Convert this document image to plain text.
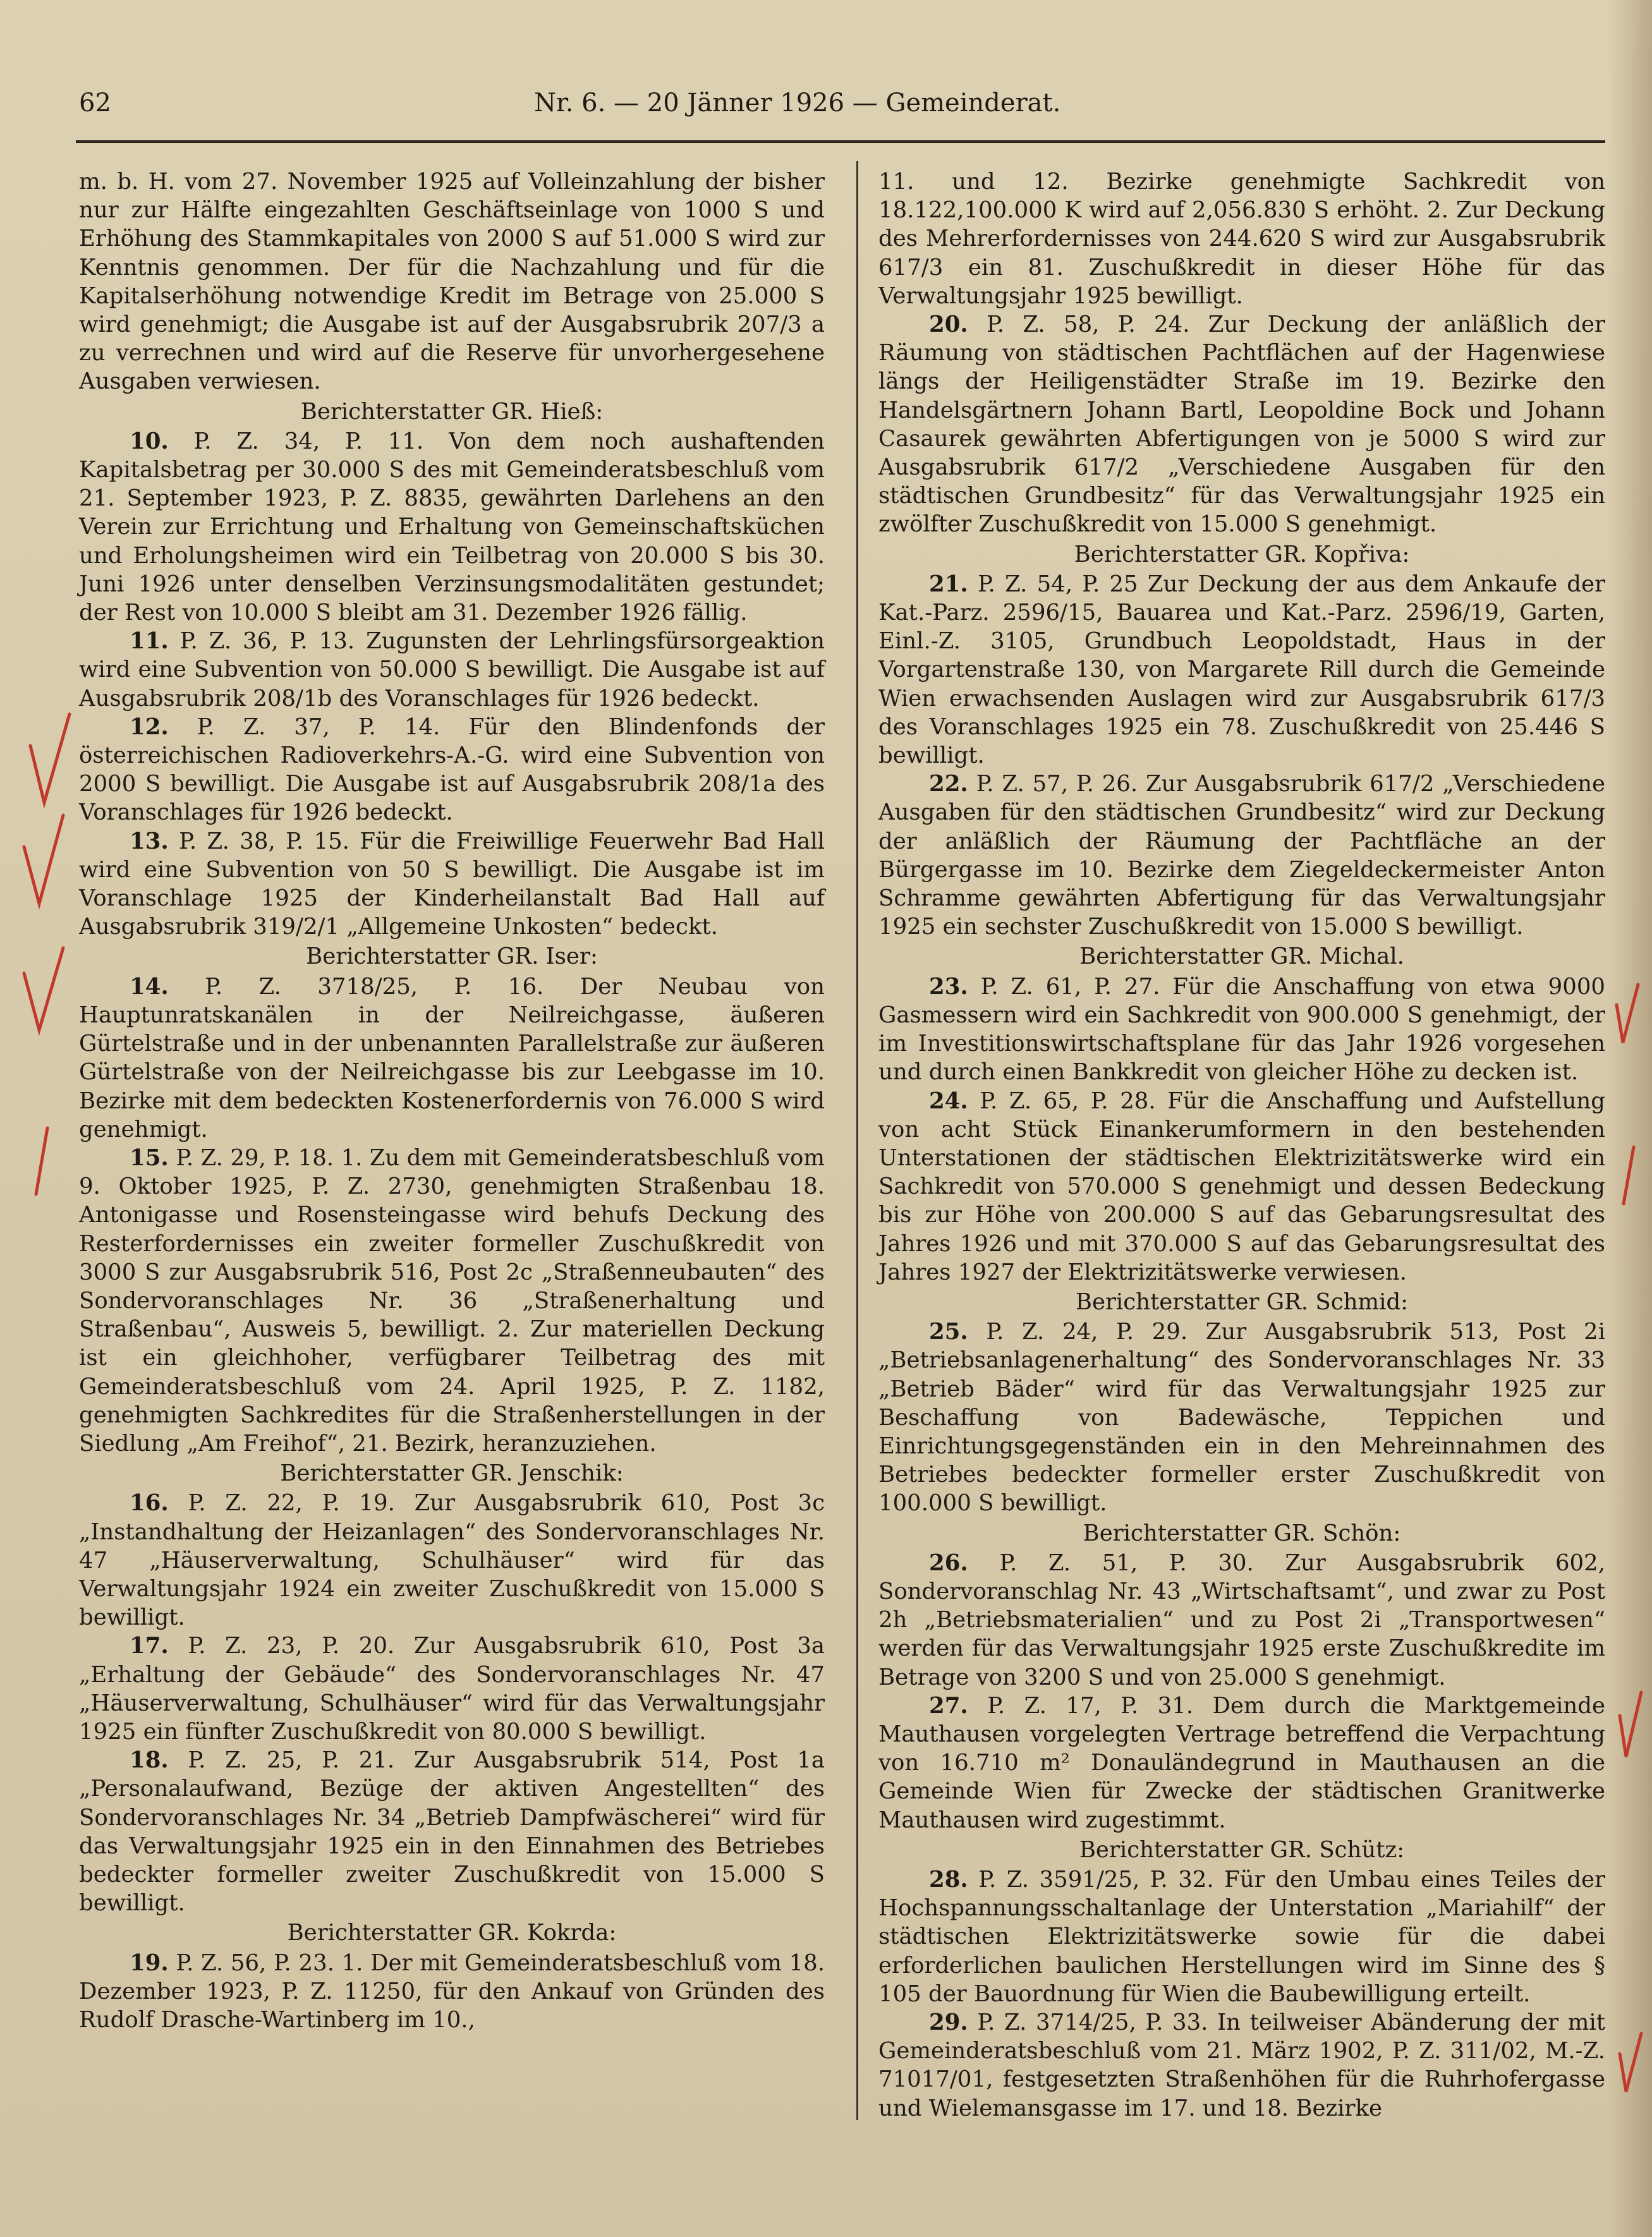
62	Nr. 6. — 20 Jänner 1926 — Gemeinderat.

m. b. H. vom 27. November 1925 auf Volleinzahlung der bisher nur zur Hälfte eingezahlten Geschäftseinlage von 1000 S und Erhöhung des Stammkapitales von 2000 S auf 51.000 S wird zur Kenntnis genommen. Der für die Nachzahlung und für die Kapitalserhöhung notwendige Kredit im Betrage von 25.000 S wird genehmigt; die Ausgabe ist auf der Ausgabsrubrik 207/3 a zu verrechnen und wird auf die Reserve für unvorhergesehene Ausgaben verwiesen.

Berichterstatter GR. Hieß:

10. P. Z. 34, P. 11. Von dem noch aushaftenden Kapitalsbetrag per 30.000 S des mit Gemeinderatsbeschluß vom 21. September 1923, P. Z. 8835, gewährten Darlehens an den Verein zur Errichtung und Erhaltung von Gemeinschaftsküchen und Erholungsheimen wird ein Teilbetrag von 20.000 S bis 30. Juni 1926 unter denselben Verzinsungsmodalitäten gestundet; der Rest von 10.000 S bleibt am 31. Dezember 1926 fällig.

11. P. Z. 36, P. 13. Zugunsten der Lehrlingsfürsorgeaktion wird eine Subvention von 50.000 S bewilligt. Die Ausgabe ist auf Ausgabsrubrik 208/1b des Voranschlages für 1926 bedeckt.

12. P. Z. 37, P. 14. Für den Blindenfonds der österreichischen Radioverkehrs-A.-G. wird eine Subvention von 2000 S bewilligt. Die Ausgabe ist auf Ausgabsrubrik 208/1a des Voranschlages für 1926 bedeckt.

13. P. Z. 38, P. 15. Für die Freiwillige Feuerwehr Bad Hall wird eine Subvention von 50 S bewilligt. Die Ausgabe ist im Voranschlage 1925 der Kinderheilanstalt Bad Hall auf Ausgabsrubrik 319/2/1 „Allgemeine Unkosten“ bedeckt.

Berichterstatter GR. Iser:

14. P. Z. 3718/25, P. 16. Der Neubau von Hauptunratskanälen in der Neilreichgasse, äußeren Gürtelstraße und in der unbenannten Parallelstraße zur äußeren Gürtelstraße von der Neilreichgasse bis zur Leebgasse im 10. Bezirke mit dem bedeckten Kostenerfordernis von 76.000 S wird genehmigt.

15. P. Z. 29, P. 18. 1. Zu dem mit Gemeinderatsbeschluß vom 9. Oktober 1925, P. Z. 2730, genehmigten Straßenbau 18. Antonigasse und Rosensteingasse wird behufs Deckung des Resterfordernisses ein zweiter formeller Zuschußkredit von 3000 S zur Ausgabsrubrik 516, Post 2c „Straßenneubauten“ des Sondervoranschlages Nr. 36 „Straßenerhaltung und Straßenbau“, Ausweis 5, bewilligt. 2. Zur materiellen Deckung ist ein gleichhoher, verfügbarer Teilbetrag des mit Gemeinderatsbeschluß vom 24. April 1925, P. Z. 1182, genehmigten Sachkredites für die Straßenherstellungen in der Siedlung „Am Freihof“, 21. Bezirk, heranzuziehen.

Berichterstatter GR. Jenschik:

16. P. Z. 22, P. 19. Zur Ausgabsrubrik 610, Post 3c „Instandhaltung der Heizanlagen“ des Sondervoranschlages Nr. 47 „Häuserverwaltung, Schulhäuser“ wird für das Verwaltungsjahr 1924 ein zweiter Zuschußkredit von 15.000 S bewilligt.

17. P. Z. 23, P. 20. Zur Ausgabsrubrik 610, Post 3a „Erhaltung der Gebäude“ des Sondervoranschlages Nr. 47 „Häuserverwaltung, Schulhäuser“ wird für das Verwaltungsjahr 1925 ein fünfter Zuschußkredit von 80.000 S bewilligt.

18. P. Z. 25, P. 21. Zur Ausgabsrubrik 514, Post 1a „Personalaufwand, Bezüge der aktiven Angestellten“ des Sondervoranschlages Nr. 34 „Betrieb Dampfwäscherei“ wird für das Verwaltungsjahr 1925 ein in den Einnahmen des Betriebes bedeckter formeller zweiter Zuschußkredit von 15.000 S bewilligt.

Berichterstatter GR. Kokrda:

19. P. Z. 56, P. 23. 1. Der mit Gemeinderatsbeschluß vom 18. Dezember 1923, P. Z. 11250, für den Ankauf von Gründen des Rudolf Drasche-Wartinberg im 10.,

11. und 12. Bezirke genehmigte Sachkredit von 18.122,100.000 K wird auf 2,056.830 S erhöht. 2. Zur Deckung des Mehrerfordernisses von 244.620 S wird zur Ausgabsrubrik 617/3 ein 81. Zuschußkredit in dieser Höhe für das Verwaltungsjahr 1925 bewilligt.

20. P. Z. 58, P. 24. Zur Deckung der anläßlich der Räumung von städtischen Pachtflächen auf der Hagenwiese längs der Heiligenstädter Straße im 19. Bezirke den Handelsgärtnern Johann Bartl, Leopoldine Bock und Johann Casaurek gewährten Abfertigungen von je 5000 S wird zur Ausgabsrubrik 617/2 „Verschiedene Ausgaben für den städtischen Grundbesitz“ für das Verwaltungsjahr 1925 ein zwölfter Zuschußkredit von 15.000 S genehmigt.

Berichterstatter GR. Kopřiva:

21. P. Z. 54, P. 25 Zur Deckung der aus dem Ankaufe der Kat.-Parz. 2596/15, Bauarea und Kat.-Parz. 2596/19, Garten, Einl.-Z. 3105, Grundbuch Leopoldstadt, Haus in der Vorgartenstraße 130, von Margarete Rill durch die Gemeinde Wien erwachsenden Auslagen wird zur Ausgabsrubrik 617/3 des Voranschlages 1925 ein 78. Zuschußkredit von 25.446 S bewilligt.

22. P. Z. 57, P. 26. Zur Ausgabsrubrik 617/2 „Verschiedene Ausgaben für den städtischen Grundbesitz“ wird zur Deckung der anläßlich der Räumung der Pachtfläche an der Bürgergasse im 10. Bezirke dem Ziegeldeckermeister Anton Schramme gewährten Abfertigung für das Verwaltungsjahr 1925 ein sechster Zuschußkredit von 15.000 S bewilligt.

Berichterstatter GR. Michal.

23. P. Z. 61, P. 27. Für die Anschaffung von etwa 9000 Gasmessern wird ein Sachkredit von 900.000 S genehmigt, der im Investitionswirtschaftsplane für das Jahr 1926 vorgesehen und durch einen Bankkredit von gleicher Höhe zu decken ist.

24. P. Z. 65, P. 28. Für die Anschaffung und Aufstellung von acht Stück Einankerumformern in den bestehenden Unterstationen der städtischen Elektrizitätswerke wird ein Sachkredit von 570.000 S genehmigt und dessen Bedeckung bis zur Höhe von 200.000 S auf das Gebarungsresultat des Jahres 1926 und mit 370.000 S auf das Gebarungsresultat des Jahres 1927 der Elektrizitätswerke verwiesen.

Berichterstatter GR. Schmid:

25. P. Z. 24, P. 29. Zur Ausgabsrubrik 513, Post 2i „Betriebsanlagenerhaltung“ des Sondervoranschlages Nr. 33 „Betrieb Bäder“ wird für das Verwaltungsjahr 1925 zur Beschaffung von Badewäsche, Teppichen und Einrichtungsgegenständen ein in den Mehreinnahmen des Betriebes bedeckter formeller erster Zuschußkredit von 100.000 S bewilligt.

Berichterstatter GR. Schön:

26. P. Z. 51, P. 30. Zur Ausgabsrubrik 602, Sondervoranschlag Nr. 43 „Wirtschaftsamt“, und zwar zu Post 2h „Betriebsmaterialien“ und zu Post 2i „Transportwesen“ werden für das Verwaltungsjahr 1925 erste Zuschußkredite im Betrage von 3200 S und von 25.000 S genehmigt.

27. P. Z. 17, P. 31. Dem durch die Marktgemeinde Mauthausen vorgelegten Vertrage betreffend die Verpachtung von 16.710 m² Donauländegrund in Mauthausen an die Gemeinde Wien für Zwecke der städtischen Granitwerke Mauthausen wird zugestimmt.

Berichterstatter GR. Schütz:

28. P. Z. 3591/25, P. 32. Für den Umbau eines Teiles der Hochspannungsschaltanlage der Unterstation „Mariahilf“ der städtischen Elektrizitätswerke sowie für die dabei erforderlichen baulichen Herstellungen wird im Sinne des § 105 der Bauordnung für Wien die Baubewilligung erteilt.

29. P. Z. 3714/25, P. 33. In teilweiser Abänderung der mit Gemeinderatsbeschluß vom 21. März 1902, P. Z. 311/02, M.-Z. 71017/01, festgesetzten Straßenhöhen für die Ruhrhofergasse und Wielemansgasse im 17. und 18. Bezirke
